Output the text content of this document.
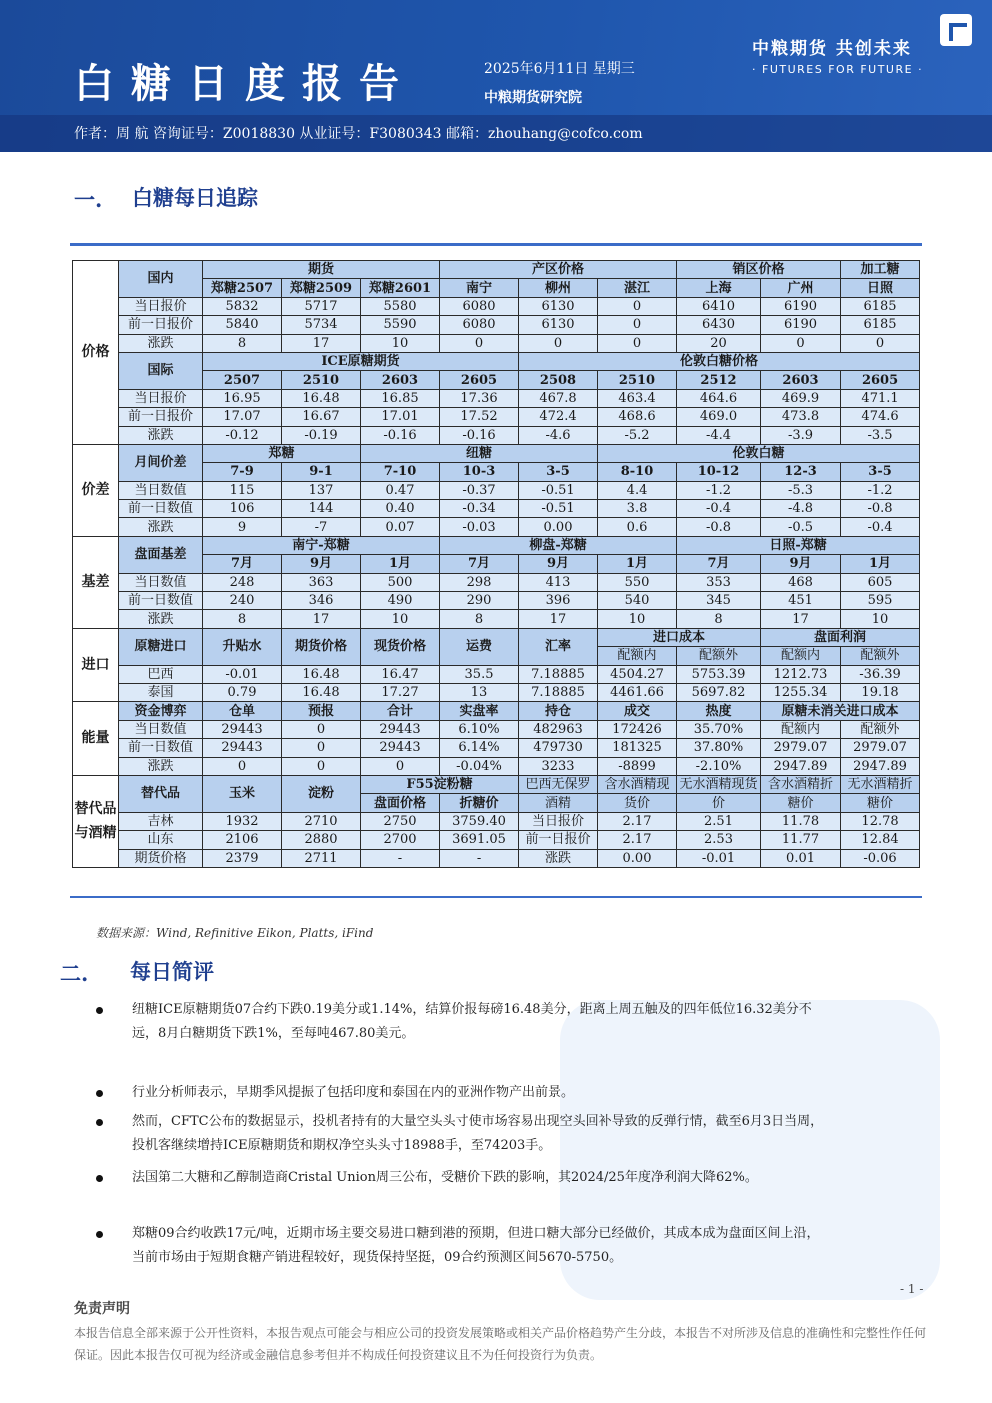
白糖日度报告	2025年6月11日 星期三
中粮期货研究院
中粮期货 共创未来
· FUTURES FOR FUTURE ·
作者：周 航 咨询证号：Z0018830 从业证号：F3080343 邮箱：zhouhang@cofco.com
一. 白糖每日追踪
价格	国内	期货			产区价格			销区价格		加工糖
		郑糖2507	郑糖2509	郑糖2601	南宁	柳州	湛江	上海	广州	日照
	当日报价	5832	5717	5580	6080	6130	0	6410	6190	6185
	前一日报价	5840	5734	5590	6080	6130	0	6430	6190	6185
	涨跌	8	17	10	0	0	0	20	0	0
	国际	ICE原糖期货				伦敦白糖价格				
		2507	2510	2603	2605	2508	2510	2512	2603	2605
	当日报价	16.95	16.48	16.85	17.36	467.8	463.4	464.6	469.9	471.1
	前一日报价	17.07	16.67	17.01	17.52	472.4	468.6	469.0	473.8	474.6
	涨跌	-0.12	-0.19	-0.16	-0.16	-4.6	-5.2	-4.4	-3.9	-3.5
价差	月间价差	郑糖		纽糖			伦敦白糖			
		7-9	9-1	7-10	10-3	3-5	8-10	10-12	12-3	3-5
	当日数值	115	137	0.47	-0.37	-0.51	4.4	-1.2	-5.3	-1.2
	前一日数值	106	144	0.40	-0.34	-0.51	3.8	-0.4	-4.8	-0.8
	涨跌	9	-7	0.07	-0.03	0.00	0.6	-0.8	-0.5	-0.4
基差	盘面基差	南宁-郑糖			柳盘-郑糖			日照-郑糖		
		7月	9月	1月	7月	9月	1月	7月	9月	1月
	当日数值	248	363	500	298	413	550	353	468	605
	前一日数值	240	346	490	290	396	540	345	451	595
	涨跌	8	17	10	8	17	10	8	17	10
进口	原糖进口	升贴水	期货价格	现货价格	运费	汇率	进口成本		盘面利润	
							配额内	配额外	配额内	配额外
	巴西	-0.01	16.48	16.47	35.5	7.18885	4504.27	5753.39	1212.73	-36.39
	泰国	0.79	16.48	17.27	13	7.18885	4461.66	5697.82	1255.34	19.18
能量	资金博弈	仓单	预报	合计	实盘率	持仓	成交	热度	原糖未消关进口成本	
	当日数值	29443	0	29443	6.10%	482963	172426	35.70%	配额内	配额外
	前一日数值	29443	0	29443	6.14%	479730	181325	37.80%	2979.07	2979.07
	涨跌	0	0	0	-0.04%	3233	-8899	-2.10%	2947.89	2947.89
替代品与酒精	替代品	玉米	淀粉	F55淀粉糖		巴西无保罗	含水酒精现	无水酒精现货	含水酒精折	无水酒精折
				盘面价格	折糖价	酒精	货价	价	糖价	糖价
	吉林	1932	2710	2750	3759.40	当日报价	2.17	2.51	11.78	12.78
	山东	2106	2880	2700	3691.05	前一日报价	2.17	2.53	11.77	12.84
	期货价格	2379	2711	-	-	涨跌	0.00	-0.01	0.01	-0.06
数据来源：Wind, Refinitive Eikon, Platts, iFind
二. 每日简评
纽糖ICE原糖期货07合约下跌0.19美分或1.14%，结算价报每磅16.48美分，距离上周五触及的四年低位16.32美分不
远，8月白糖期货下跌1%，至每吨467.80美元。
行业分析师表示，早期季风提振了包括印度和泰国在内的亚洲作物产出前景。
然而，CFTC公布的数据显示，投机者持有的大量空头头寸使市场容易出现空头回补导致的反弹行情，截至6月3日当周，
投机客继续增持ICE原糖期货和期权净空头头寸18988手，至74203手。
法国第二大糖和乙醇制造商Cristal Union周三公布，受糖价下跌的影响，其2024/25年度净利润大降62%。
郑糖09合约收跌17元/吨，近期市场主要交易进口糖到港的预期，但进口糖大部分已经做价，其成本成为盘面区间上沿，
当前市场由于短期食糖产销进程较好，现货保持坚挺，09合约预测区间5670-5750。
- 1 -
免责声明
本报告信息全部来源于公开性资料，本报告观点可能会与相应公司的投资发展策略或相关产品价格趋势产生分歧，本报告不对所涉及信息的准确性和完整性作任何保证。因此本报告仅可视为经济或金融信息参考但并不构成任何投资建议且不为任何投资行为负责。
